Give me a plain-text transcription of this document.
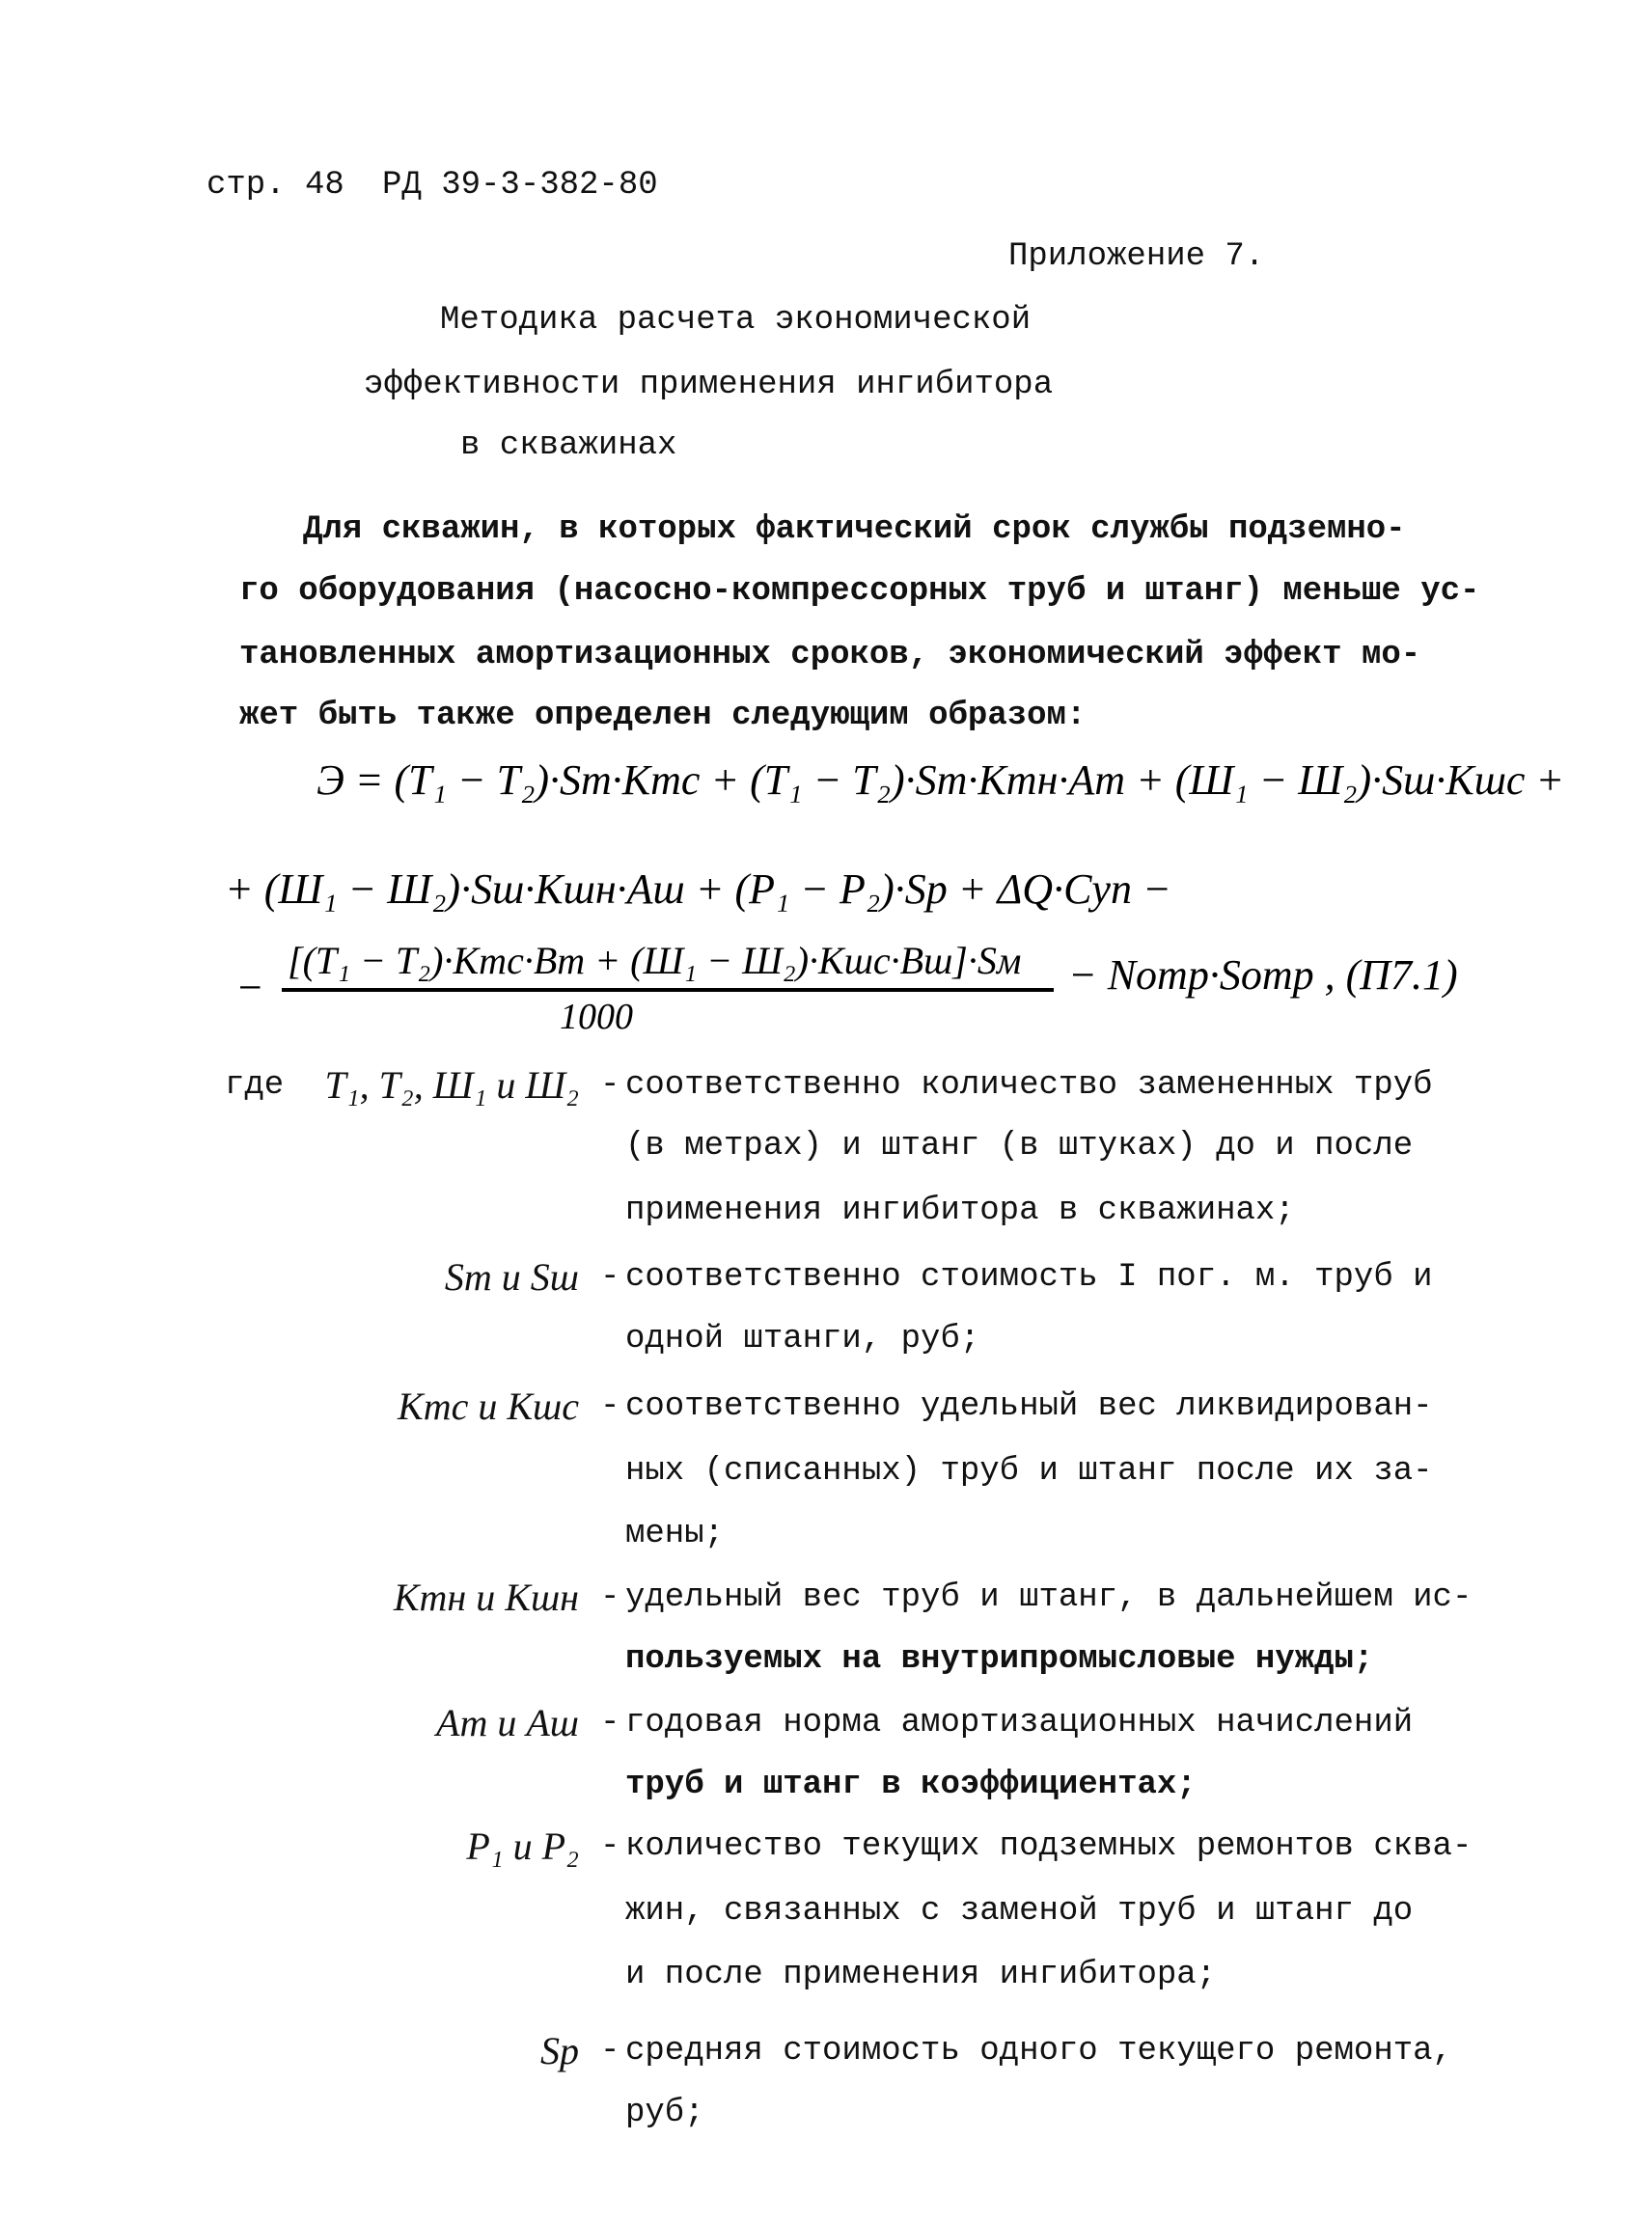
стр. 48 РД 39-3-382-80
Приложение 7.
Методика расчета экономической
эффективности применения ингибитора
в скважинах
Для скважин, в которых фактический срок службы подземно-
го оборудования (насосно-компрессорных труб и штанг) меньше ус-
тановленных амортизационных сроков, экономический эффект мо-
жет быть также определен следующим образом:
Э = (T₁ − T₂)·Sт·Kтс + (T₁ − T₂)·Sт·Kтн·Aт + (Ш₁ − Ш₂)·Sш·Kшс +
+ (Ш₁ − Ш₂)·Sш·Kшн·Aш + (P₁ − P₂)·Sр + ΔQ·Cуп −
−
[(T₁ − T₂)·Kтс·Bт + (Ш₁ − Ш₂)·Kшс·Bш]·Sм
1000
− Nотр·Sотр , (П7.1)
где	T₁, T₂, Ш₁ и Ш₂ - соответственно количество замененных труб
(в метрах) и штанг (в штуках) до и после
применения ингибитора в скважинах;
Sт и Sш - соответственно стоимость I пог. м. труб и
одной штанги, руб;
Kтс и Kшс - соответственно удельный вес ликвидирован-
ных (списанных) труб и штанг после их за-
мены;
Kтн и Kшн - удельный вес труб и штанг, в дальнейшем ис-
пользуемых на внутрипромысловые нужды;
Aт и Aш - годовая норма амортизационных начислений
труб и штанг в коэффициентах;
P₁ и P₂ - количество текущих подземных ремонтов сква-
жин, связанных с заменой труб и штанг до
и после применения ингибитора;
Sр - средняя стоимость одного текущего ремонта,
руб;
